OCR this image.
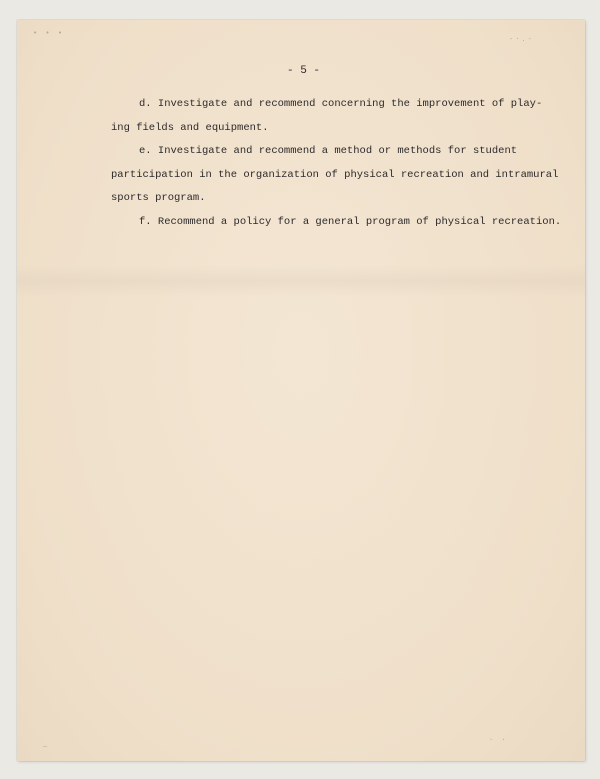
• • •
-·.-
—
· ·
- 5 -
d. Investigate and recommend concerning the improvement of play-
ing fields and equipment.
e. Investigate and recommend a method or methods for student
participation in the organization of physical recreation and intramural
sports program.
f. Recommend a policy for a general program of physical recreation.
